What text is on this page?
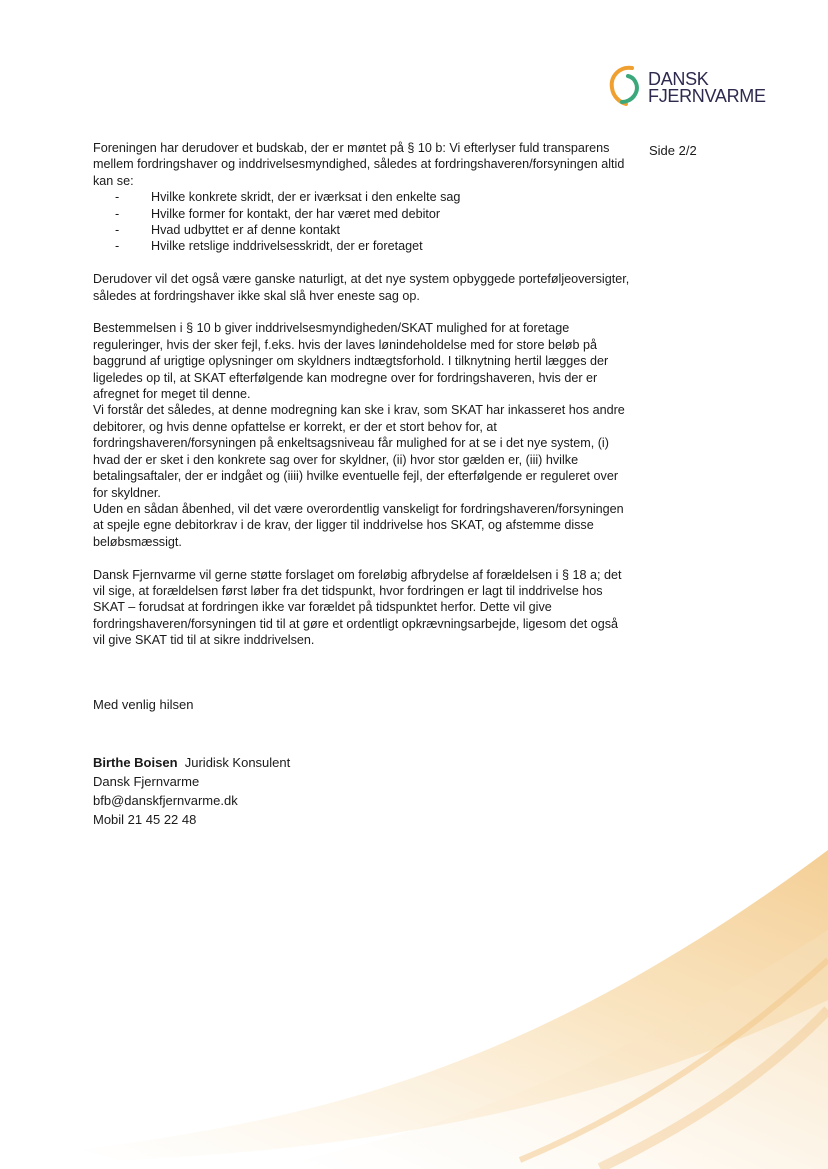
DANSK
FJERNVARME
Side 2/2

Foreningen har derudover et budskab, der er møntet på § 10 b: Vi efterlyser fuld transparens mellem fordringshaver og inddrivelsesmyndighed, således at fordringshaveren/forsyningen altid kan se:

-	Hvilke konkrete skridt, der er iværksat i den enkelte sag
-	Hvilke former for kontakt, der har været med debitor
-	Hvad udbyttet er af denne kontakt
-	Hvilke retslige inddrivelsesskridt, der er foretaget

Derudover vil det også være ganske naturligt, at det nye system opbyggede porteføljeoversigter, således at fordringshaver ikke skal slå hver eneste sag op.

Bestemmelsen i § 10 b giver inddrivelsesmyndigheden/SKAT mulighed for at foretage reguleringer, hvis der sker fejl, f.eks. hvis der laves lønindeholdelse med for store beløb på baggrund af urigtige oplysninger om skyldners indtægtsforhold. I tilknytning hertil lægges der ligeledes op til, at SKAT efterfølgende kan modregne over for fordringshaveren, hvis der er afregnet for meget til denne.

Vi forstår det således, at denne modregning kan ske i krav, som SKAT har inkasseret hos andre debitorer, og hvis denne opfattelse er korrekt, er der et stort behov for, at fordringshaveren/forsyningen på enkeltsagsniveau får mulighed for at se i det nye system, (i) hvad der er sket i den konkrete sag over for skyldner, (ii) hvor stor gælden er, (iii) hvilke betalingsaftaler, der er indgået og (iiii) hvilke eventuelle fejl, der efterfølgende er reguleret over for skyldner.

Uden en sådan åbenhed, vil det være overordentlig vanskeligt for fordringshaveren/forsyningen at spejle egne debitorkrav i de krav, der ligger til inddrivelse hos SKAT, og afstemme disse beløbsmæssigt.

Dansk Fjernvarme vil gerne støtte forslaget om foreløbig afbrydelse af forældelsen i § 18 a; det vil sige, at forældelsen først løber fra det tidspunkt, hvor fordringen er lagt til inddrivelse hos SKAT – forudsat at fordringen ikke var forældet på tidspunktet herfor. Dette vil give fordringshaveren/forsyningen tid til at gøre et ordentligt opkrævningsarbejde, ligesom det også vil give SKAT tid til at sikre inddrivelsen.

Med venlig hilsen

Birthe Boisen Juridisk Konsulent
Dansk Fjernvarme
bfb@danskfjernvarme.dk
Mobil 21 45 22 48
